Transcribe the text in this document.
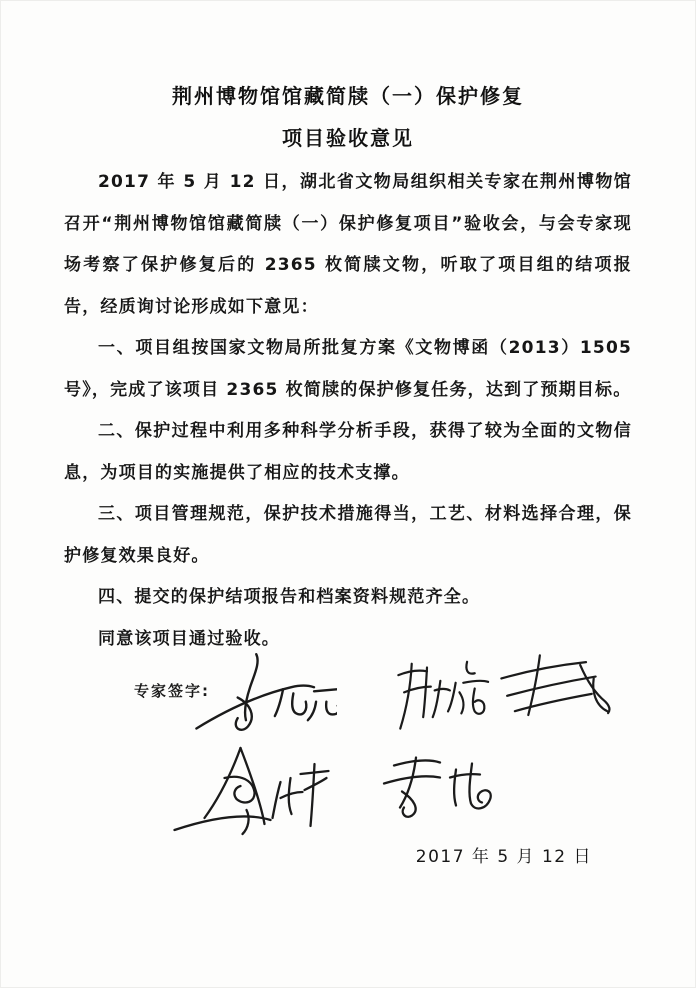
荆州博物馆馆藏简牍（一）保护修复
项目验收意见

2017 年 5 月 12 日，湖北省文物局组织相关专家在荆州博物馆召开“荆州博物馆馆藏简牍（一）保护修复项目”验收会，与会专家现场考察了保护修复后的 2365 枚简牍文物，听取了项目组的结项报告，经质询讨论形成如下意见：

一、项目组按国家文物局所批复方案《文物博函（2013）1505 号》，完成了该项目 2365 枚简牍的保护修复任务，达到了预期目标。

二、保护过程中利用多种科学分析手段，获得了较为全面的文物信息，为项目的实施提供了相应的技术支撑。

三、项目管理规范，保护技术措施得当，工艺、材料选择合理，保护修复效果良好。

四、提交的保护结项报告和档案资料规范齐全。

同意该项目通过验收。

专家签字:
2017 年 5 月 12 日
